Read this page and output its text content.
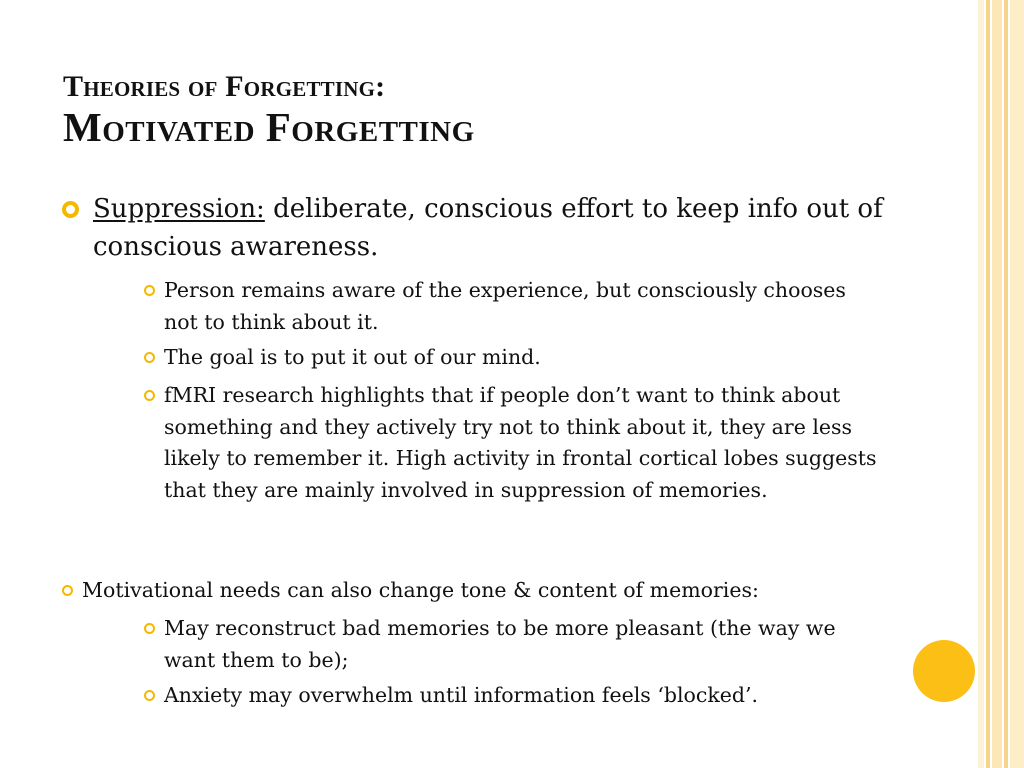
Theories of Forgetting:
Motivated Forgetting
Suppression: deliberate, conscious effort to keep info out of conscious awareness.
Person remains aware of the experience, but consciously chooses not to think about it.
The goal is to put it out of our mind.
fMRI research highlights that if people don’t want to think about something and they actively try not to think about it, they are less likely to remember it. High activity in frontal cortical lobes suggests that they are mainly involved in suppression of memories.
Motivational needs can also change tone & content of memories:
May reconstruct bad memories to be more pleasant (the way we want them to be);
Anxiety may overwhelm until information feels ‘blocked’.
